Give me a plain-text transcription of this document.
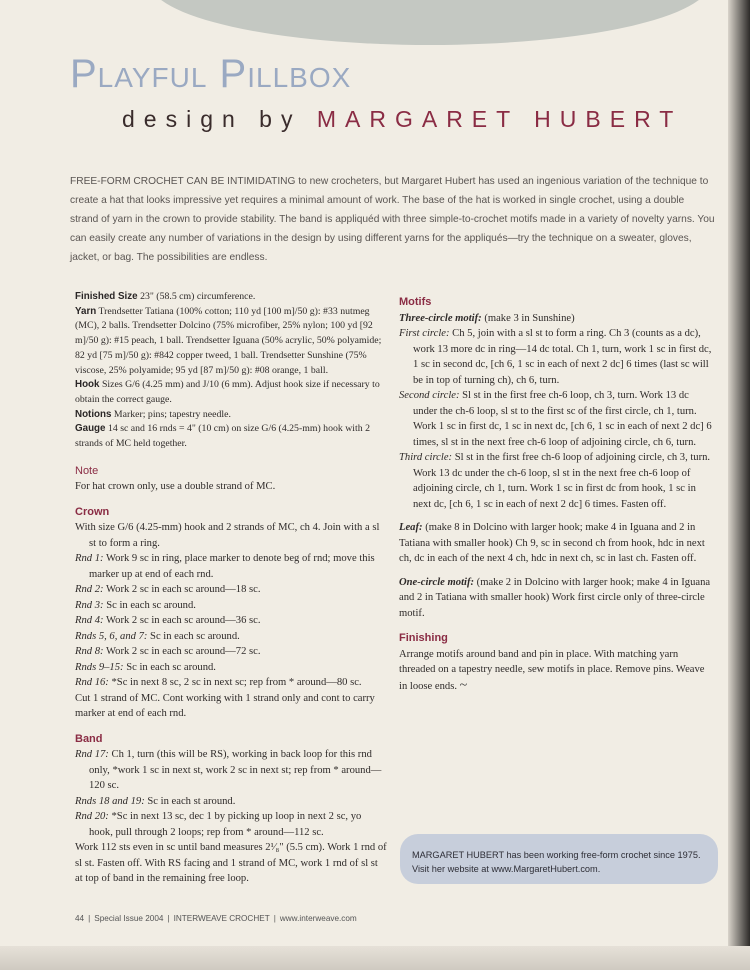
Playful Pillbox
design by MARGARET HUBERT

FREE-FORM CROCHET CAN BE INTIMIDATING to new crocheters, but Margaret Hubert has used an ingenious variation of the technique to create a hat that looks impressive yet requires a minimal amount of work. The base of the hat is worked in single crochet, using a double strand of yarn in the crown to provide stability. The band is appliquéd with three simple-to-crochet motifs made in a variety of novelty yarns. You can easily create any number of variations in the design by using different yarns for the appliqués—try the technique on a sweater, gloves, jacket, or bag. The possibilities are endless.

Finished Size 23" (58.5 cm) circumference.

Yarn Trendsetter Tatiana (100% cotton; 110 yd [100 m]/50 g): #33 nutmeg (MC), 2 balls. Trendsetter Dolcino (75% microfiber, 25% nylon; 100 yd [92 m]/50 g): #15 peach, 1 ball. Trendsetter Iguana (50% acrylic, 50% polyamide; 82 yd [75 m]/50 g): #842 copper tweed, 1 ball. Trendsetter Sunshine (75% viscose, 25% polyamide; 95 yd [87 m]/50 g): #08 orange, 1 ball.

Hook Sizes G/6 (4.25 mm) and J/10 (6 mm). Adjust hook size if necessary to obtain the correct gauge.

Notions Marker; pins; tapestry needle.

Gauge 14 sc and 16 rnds = 4" (10 cm) on size G/6 (4.25-mm) hook with 2 strands of MC held together.

Note

For hat crown only, use a double strand of MC.

Crown

With size G/6 (4.25-mm) hook and 2 strands of MC, ch 4. Join with a sl st to form a ring.

Rnd 1: Work 9 sc in ring, place marker to denote beg of rnd; move this marker up at end of each rnd.

Rnd 2: Work 2 sc in each sc around—18 sc.

Rnd 3: Sc in each sc around.

Rnd 4: Work 2 sc in each sc around—36 sc.

Rnds 5, 6, and 7: Sc in each sc around.

Rnd 8: Work 2 sc in each sc around—72 sc.

Rnds 9–15: Sc in each sc around.

Rnd 16: *Sc in next 8 sc, 2 sc in next sc; rep from * around—80 sc.

Cut 1 strand of MC. Cont working with 1 strand only and cont to carry marker at end of each rnd.

Band

Rnd 17: Ch 1, turn (this will be RS), working in back loop for this rnd only, *work 1 sc in next st, work 2 sc in next st; rep from * around—120 sc.

Rnds 18 and 19: Sc in each st around.

Rnd 20: *Sc in next 13 sc, dec 1 by picking up loop in next 2 sc, yo hook, pull through 2 loops; rep from * around—112 sc.

Work 112 sts even in sc until band measures 2¹⁄₈" (5.5 cm). Work 1 rnd of sl st. Fasten off. With RS facing and 1 strand of MC, work 1 rnd of sl st at top of band in the remaining free loop.

Motifs

Three-circle motif: (make 3 in Sunshine)

First circle: Ch 5, join with a sl st to form a ring. Ch 3 (counts as a dc), work 13 more dc in ring—14 dc total. Ch 1, turn, work 1 sc in first dc, 1 sc in second dc, [ch 6, 1 sc in each of next 2 dc] 6 times (last sc will be in top of turning ch), ch 6, turn.

Second circle: Sl st in the first free ch-6 loop, ch 3, turn. Work 13 dc under the ch-6 loop, sl st to the first sc of the first circle, ch 1, turn. Work 1 sc in first dc, 1 sc in next dc, [ch 6, 1 sc in each of next 2 dc] 6 times, sl st in the next free ch-6 loop of adjoining circle, ch 6, turn.

Third circle: Sl st in the first free ch-6 loop of adjoining circle, ch 3, turn. Work 13 dc under the ch-6 loop, sl st in the next free ch-6 loop of adjoining circle, ch 1, turn. Work 1 sc in first dc from hook, 1 sc in next dc, [ch 6, 1 sc in each of next 2 dc] 6 times. Fasten off.

Leaf: (make 8 in Dolcino with larger hook; make 4 in Iguana and 2 in Tatiana with smaller hook) Ch 9, sc in second ch from hook, hdc in next ch, dc in each of the next 4 ch, hdc in next ch, sc in last ch. Fasten off.

One-circle motif: (make 2 in Dolcino with larger hook; make 4 in Iguana and 2 in Tatiana with smaller hook) Work first circle only of three-circle motif.

Finishing

Arrange motifs around band and pin in place. With matching yarn threaded on a tapestry needle, sew motifs in place. Remove pins. Weave in loose ends. ~

MARGARET HUBERT has been working free-form crochet since 1975. Visit her website at www.MargaretHubert.com.
44 | Special Issue 2004 | INTERWEAVE CROCHET | www.interweave.com
